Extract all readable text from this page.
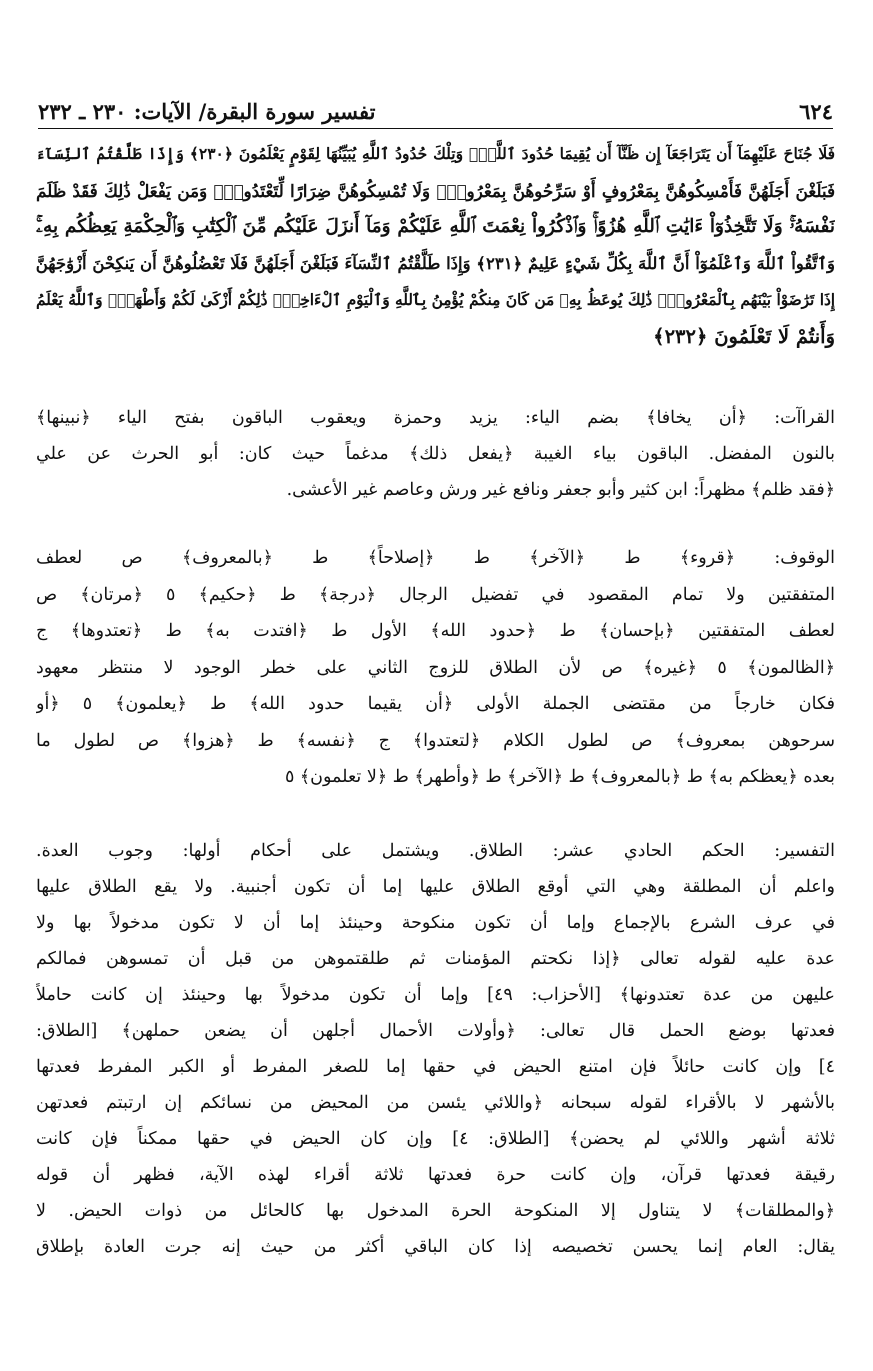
تفسير سورة البقرة/ الآيات: ٢٣٠ ـ ٢٣٢	٦٢٤
فَلَا جُنَاحَ عَلَيْهِمَآ أَن يَتَرَاجَعَآ إِن ظَنَّآ أَن يُقِيمَا حُدُودَ ٱللَّهِۗ وَتِلْكَ حُدُودُ ٱللَّهِ يُبَيِّنُهَا لِقَوْمٍ يَعْلَمُونَ ﴿٢٣٠﴾ وَإِذَا طَلَّقْتُمُ ٱلنِّسَآءَ
فَبَلَغْنَ أَجَلَهُنَّ فَأَمْسِكُوهُنَّ بِمَعْرُوفٍ أَوْ سَرِّحُوهُنَّ بِمَعْرُوفٍۚ وَلَا تُمْسِكُوهُنَّ ضِرَارًا لِّتَعْتَدُواْۚ وَمَن يَفْعَلْ ذَٰلِكَ فَقَدْ ظَلَمَ
نَفْسَهُۥۚ وَلَا تَتَّخِذُوٓاْ ءَايَٰتِ ٱللَّهِ هُزُوًاۚ وَٱذْكُرُواْ نِعْمَتَ ٱللَّهِ عَلَيْكُمْ وَمَآ أَنزَلَ عَلَيْكُم مِّنَ ٱلْكِتَٰبِ وَٱلْحِكْمَةِ يَعِظُكُم بِهِۦۚ
وَٱتَّقُواْ ٱللَّهَ وَٱعْلَمُوٓاْ أَنَّ ٱللَّهَ بِكُلِّ شَيْءٍ عَلِيمٌ ﴿٢٣١﴾ وَإِذَا طَلَّقْتُمُ ٱلنِّسَآءَ فَبَلَغْنَ أَجَلَهُنَّ فَلَا تَعْضُلُوهُنَّ أَن يَنكِحْنَ أَزْوَٰجَهُنَّ
إِذَا تَرَٰضَوْاْ بَيْنَهُم بِٱلْمَعْرُوفِۗ ذَٰلِكَ يُوعَظُ بِهِۦ مَن كَانَ مِنكُمْ يُؤْمِنُ بِٱللَّهِ وَٱلْيَوْمِ ٱلْءَاخِرِۗ ذَٰلِكُمْ أَزْكَىٰ لَكُمْ وَأَطْهَرُۚ وَٱللَّهُ يَعْلَمُ
وَأَنتُمْ لَا تَعْلَمُونَ ﴿٢٣٢﴾
القراآت: ﴿أن يخافا﴾ بضم الياء: يزيد وحمزة ويعقوب الباقون بفتح الياء ﴿نبينها﴾
بالنون المفضل. الباقون بياء الغيبة ﴿يفعل ذلك﴾ مدغماً حيث كان: أبو الحرث عن علي
﴿فقد ظلم﴾ مظهراً: ابن كثير وأبو جعفر ونافع غير ورش وعاصم غير الأعشى.
الوقوف: ﴿قروء﴾ ط ﴿الآخر﴾ ط ﴿إصلاحاً﴾ ط ﴿بالمعروف﴾ ص لعطف
المتفقتين ولا تمام المقصود في تفضيل الرجال ﴿درجة﴾ ط ﴿حكيم﴾ ٥ ﴿مرتان﴾ ص
لعطف المتفقتين ﴿بإحسان﴾ ط ﴿حدود الله﴾ الأول ط ﴿افتدت به﴾ ط ﴿تعتدوها﴾ ج
﴿الظالمون﴾ ٥ ﴿غيره﴾ ص لأن الطلاق للزوج الثاني على خطر الوجود لا منتظر معهود
فكان خارجاً من مقتضى الجملة الأولى ﴿أن يقيما حدود الله﴾ ط ﴿يعلمون﴾ ٥ ﴿أو
سرحوهن بمعروف﴾ ص لطول الكلام ﴿لتعتدوا﴾ ج ﴿نفسه﴾ ط ﴿هزوا﴾ ص لطول ما
بعده ﴿يعظكم به﴾ ط ﴿بالمعروف﴾ ط ﴿الآخر﴾ ط ﴿وأطهر﴾ ط ﴿لا تعلمون﴾ ٥
التفسير: الحكم الحادي عشر: الطلاق. ويشتمل على أحكام أولها: وجوب العدة.
واعلم أن المطلقة وهي التي أوقع الطلاق عليها إما أن تكون أجنبية. ولا يقع الطلاق عليها
في عرف الشرع بالإجماع وإما أن تكون منكوحة وحينئذ إما أن لا تكون مدخولاً بها ولا
عدة عليه لقوله تعالى ﴿إذا نكحتم المؤمنات ثم طلقتموهن من قبل أن تمسوهن فمالكم
عليهن من عدة تعتدونها﴾ [الأحزاب: ٤٩] وإما أن تكون مدخولاً بها وحينئذ إن كانت حاملاً
فعدتها بوضع الحمل قال تعالى: ﴿وأولات الأحمال أجلهن أن يضعن حملهن﴾ [الطلاق:
٤] وإن كانت حائلاً فإن امتنع الحيض في حقها إما للصغر المفرط أو الكبر المفرط فعدتها
بالأشهر لا بالأقراء لقوله سبحانه ﴿واللائي يئسن من المحيض من نسائكم إن ارتبتم فعدتهن
ثلاثة أشهر واللائي لم يحضن﴾ [الطلاق: ٤] وإن كان الحيض في حقها ممكناً فإن كانت
رقيقة فعدتها قرآن، وإن كانت حرة فعدتها ثلاثة أقراء لهذه الآية، فظهر أن قوله
﴿والمطلقات﴾ لا يتناول إلا المنكوحة الحرة المدخول بها كالحائل من ذوات الحيض. لا
يقال: العام إنما يحسن تخصيصه إذا كان الباقي أكثر من حيث إنه جرت العادة بإطلاق
